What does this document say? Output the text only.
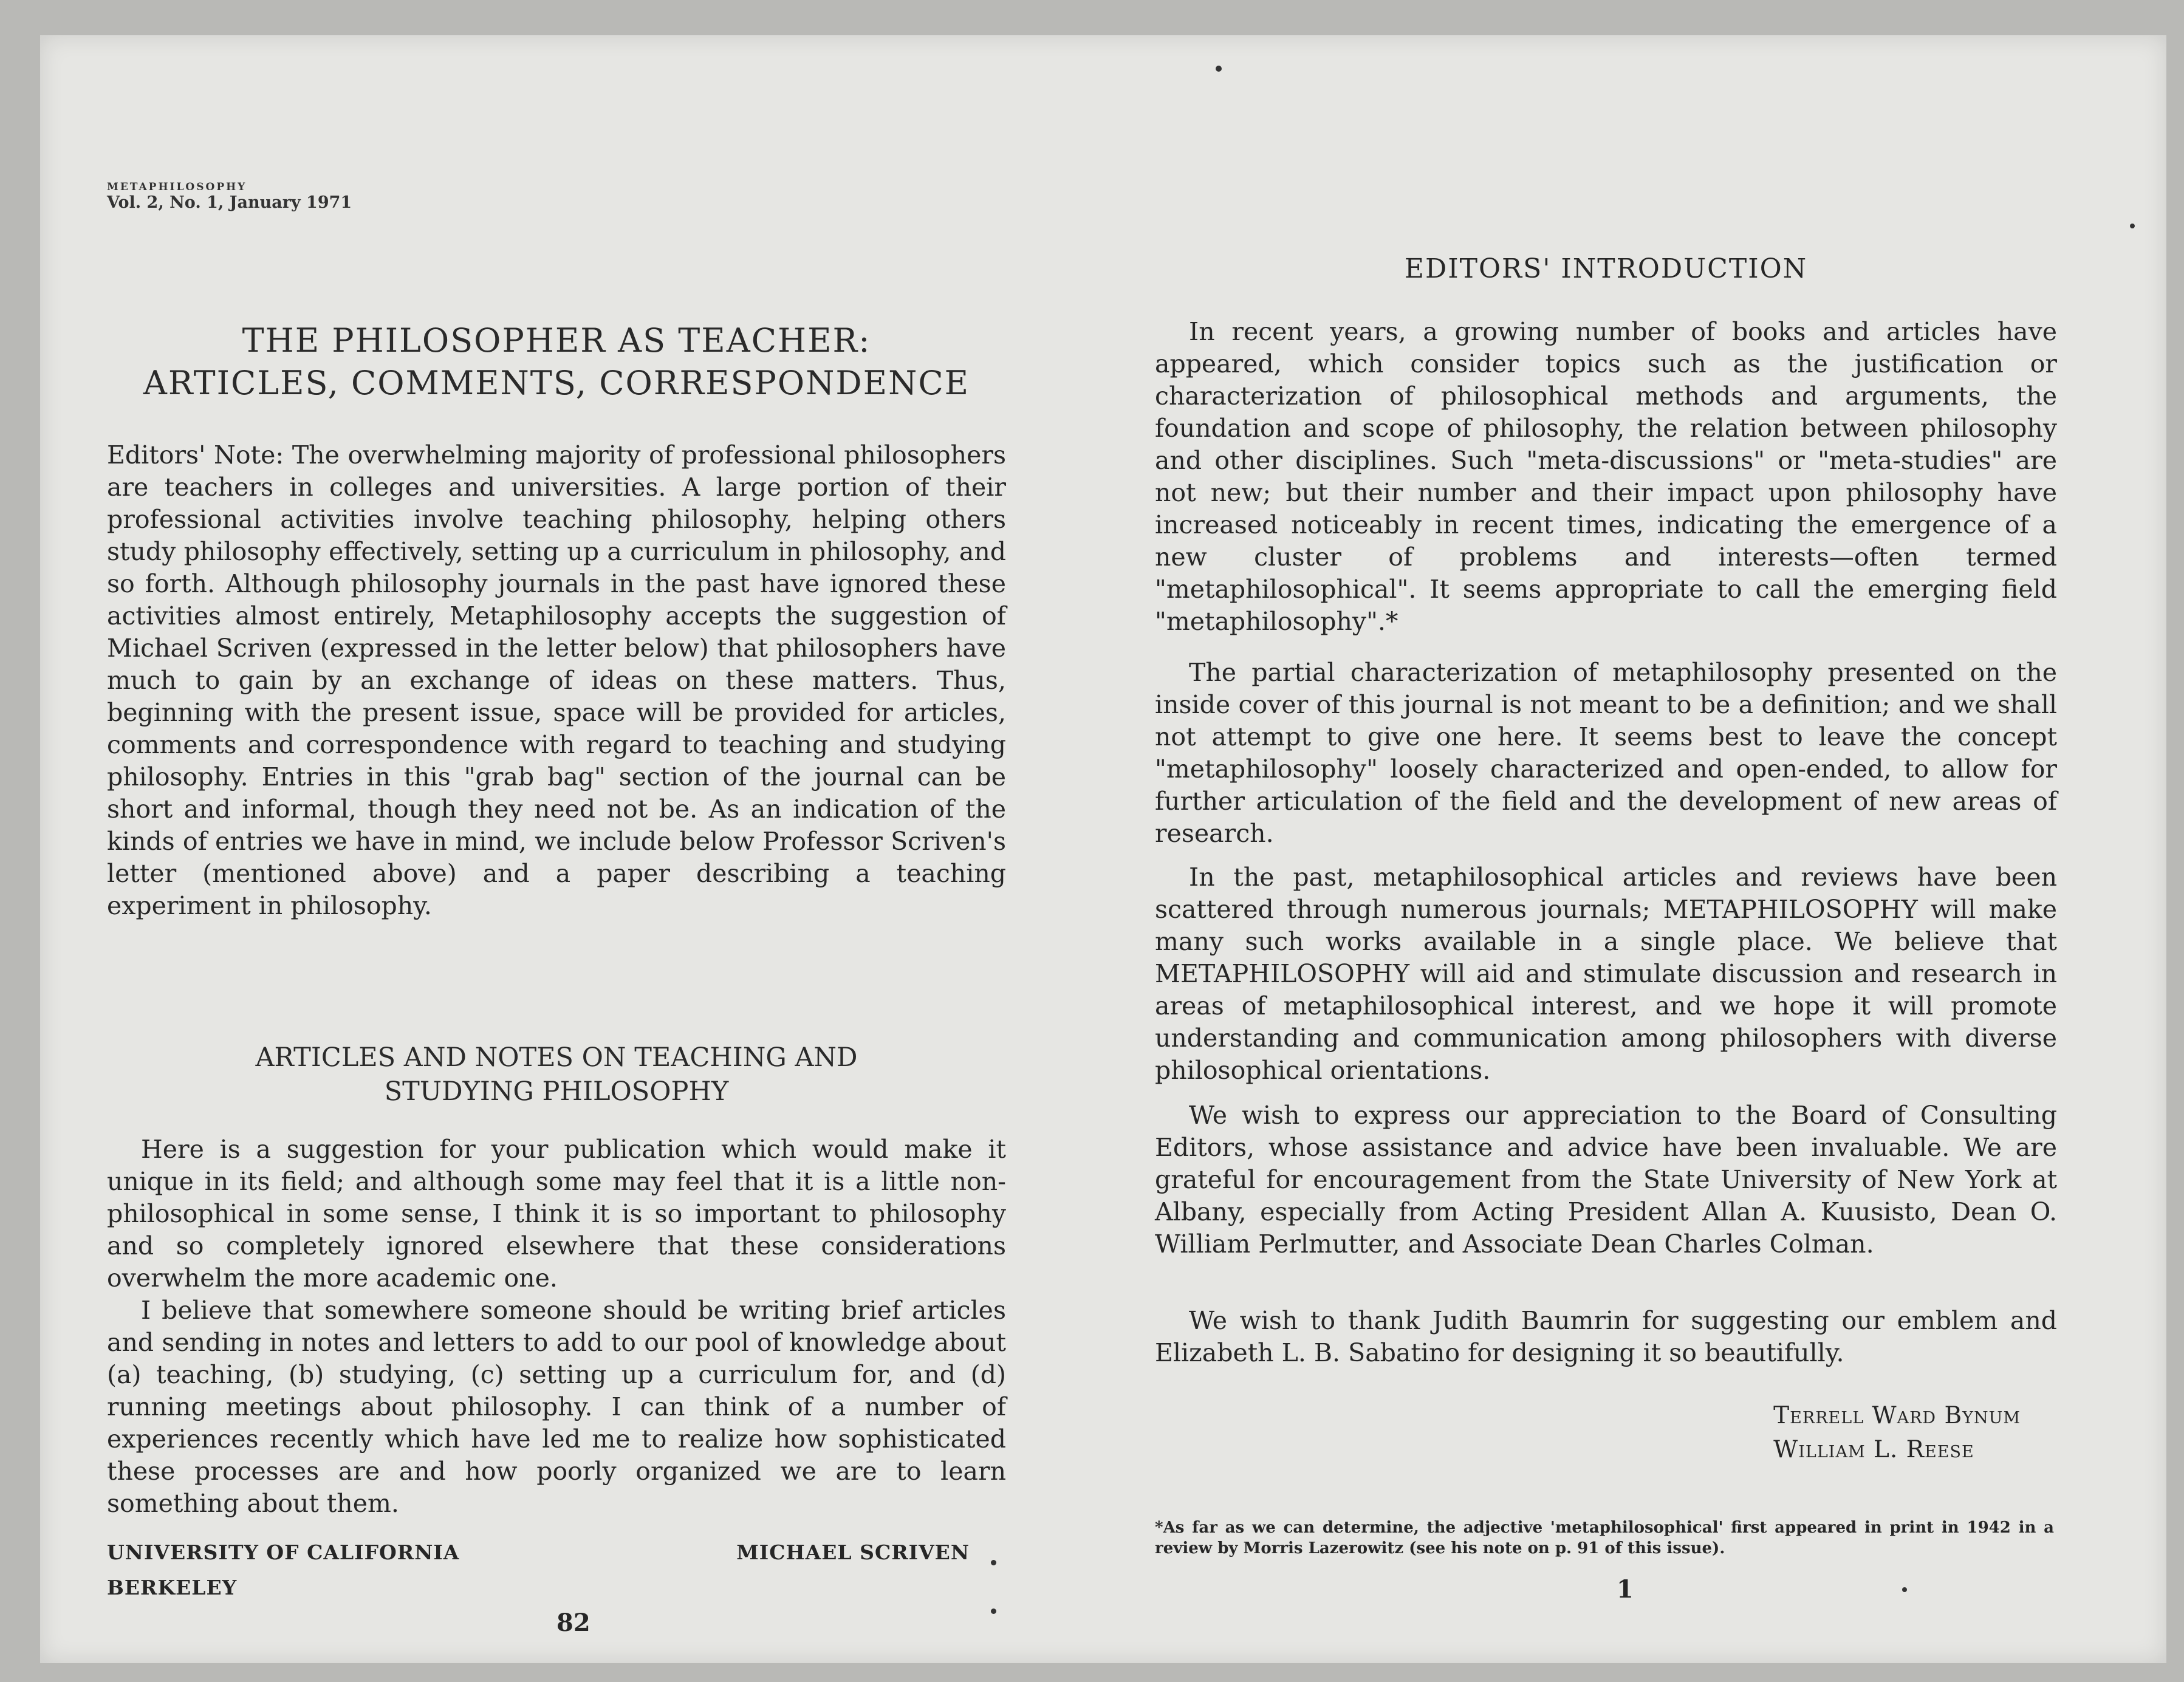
METAPHILOSOPHY
Vol. 2, No. 1, January 1971
THE PHILOSOPHER AS TEACHER:
ARTICLES, COMMENTS, CORRESPONDENCE

Editors' Note: The overwhelming majority of professional philosophers are teachers in colleges and universities. A large portion of their professional activities involve teaching philosophy, helping others study philosophy effectively, setting up a curriculum in philosophy, and so forth. Although philosophy journals in the past have ignored these activities almost entirely, Metaphilosophy accepts the suggestion of Michael Scriven (expressed in the letter below) that philosophers have much to gain by an exchange of ideas on these matters. Thus, beginning with the present issue, space will be provided for articles, comments and correspondence with regard to teaching and studying philosophy. Entries in this "grab bag" section of the journal can be short and informal, though they need not be. As an indication of the kinds of entries we have in mind, we include below Professor Scriven's letter (mentioned above) and a paper describing a teaching experiment in philosophy.

ARTICLES AND NOTES ON TEACHING AND
STUDYING PHILOSOPHY

Here is a suggestion for your publication which would make it unique in its field; and although some may feel that it is a little non-philosophical in some sense, I think it is so important to philosophy and so completely ignored elsewhere that these considerations overwhelm the more academic one.

I believe that somewhere someone should be writing brief articles and sending in notes and letters to add to our pool of knowledge about (a) teaching, (b) studying, (c) setting up a curriculum for, and (d) running meetings about philosophy. I can think of a number of experiences recently which have led me to realize how sophisticated these processes are and how poorly organized we are to learn something about them.

UNIVERSITY OF CALIFORNIA
BERKELEY
MICHAEL SCRIVEN
82
EDITORS' INTRODUCTION

In recent years, a growing number of books and articles have appeared, which consider topics such as the justification or characterization of philosophical methods and arguments, the foundation and scope of philosophy, the relation between philosophy and other disciplines. Such "meta-discussions" or "meta-studies" are not new; but their number and their impact upon philosophy have increased noticeably in recent times, indicating the emergence of a new cluster of problems and interests—often termed "metaphilosophical". It seems appropriate to call the emerging field "metaphilosophy".*

The partial characterization of metaphilosophy presented on the inside cover of this journal is not meant to be a definition; and we shall not attempt to give one here. It seems best to leave the concept "metaphilosophy" loosely characterized and open-ended, to allow for further articulation of the field and the development of new areas of research.

In the past, metaphilosophical articles and reviews have been scattered through numerous journals; METAPHILOSOPHY will make many such works available in a single place. We believe that METAPHILOSOPHY will aid and stimulate discussion and research in areas of metaphilosophical interest, and we hope it will promote understanding and communication among philosophers with diverse philosophical orientations.

We wish to express our appreciation to the Board of Consulting Editors, whose assistance and advice have been invaluable. We are grateful for encouragement from the State University of New York at Albany, especially from Acting President Allan A. Kuusisto, Dean O. William Perlmutter, and Associate Dean Charles Colman.

We wish to thank Judith Baumrin for suggesting our emblem and Elizabeth L. B. Sabatino for designing it so beautifully.

Terrell Ward Bynum
William L. Reese
*As far as we can determine, the adjective 'metaphilosophical' first appeared in print in 1942 in a review by Morris Lazerowitz (see his note on p. 91 of this issue).
1
